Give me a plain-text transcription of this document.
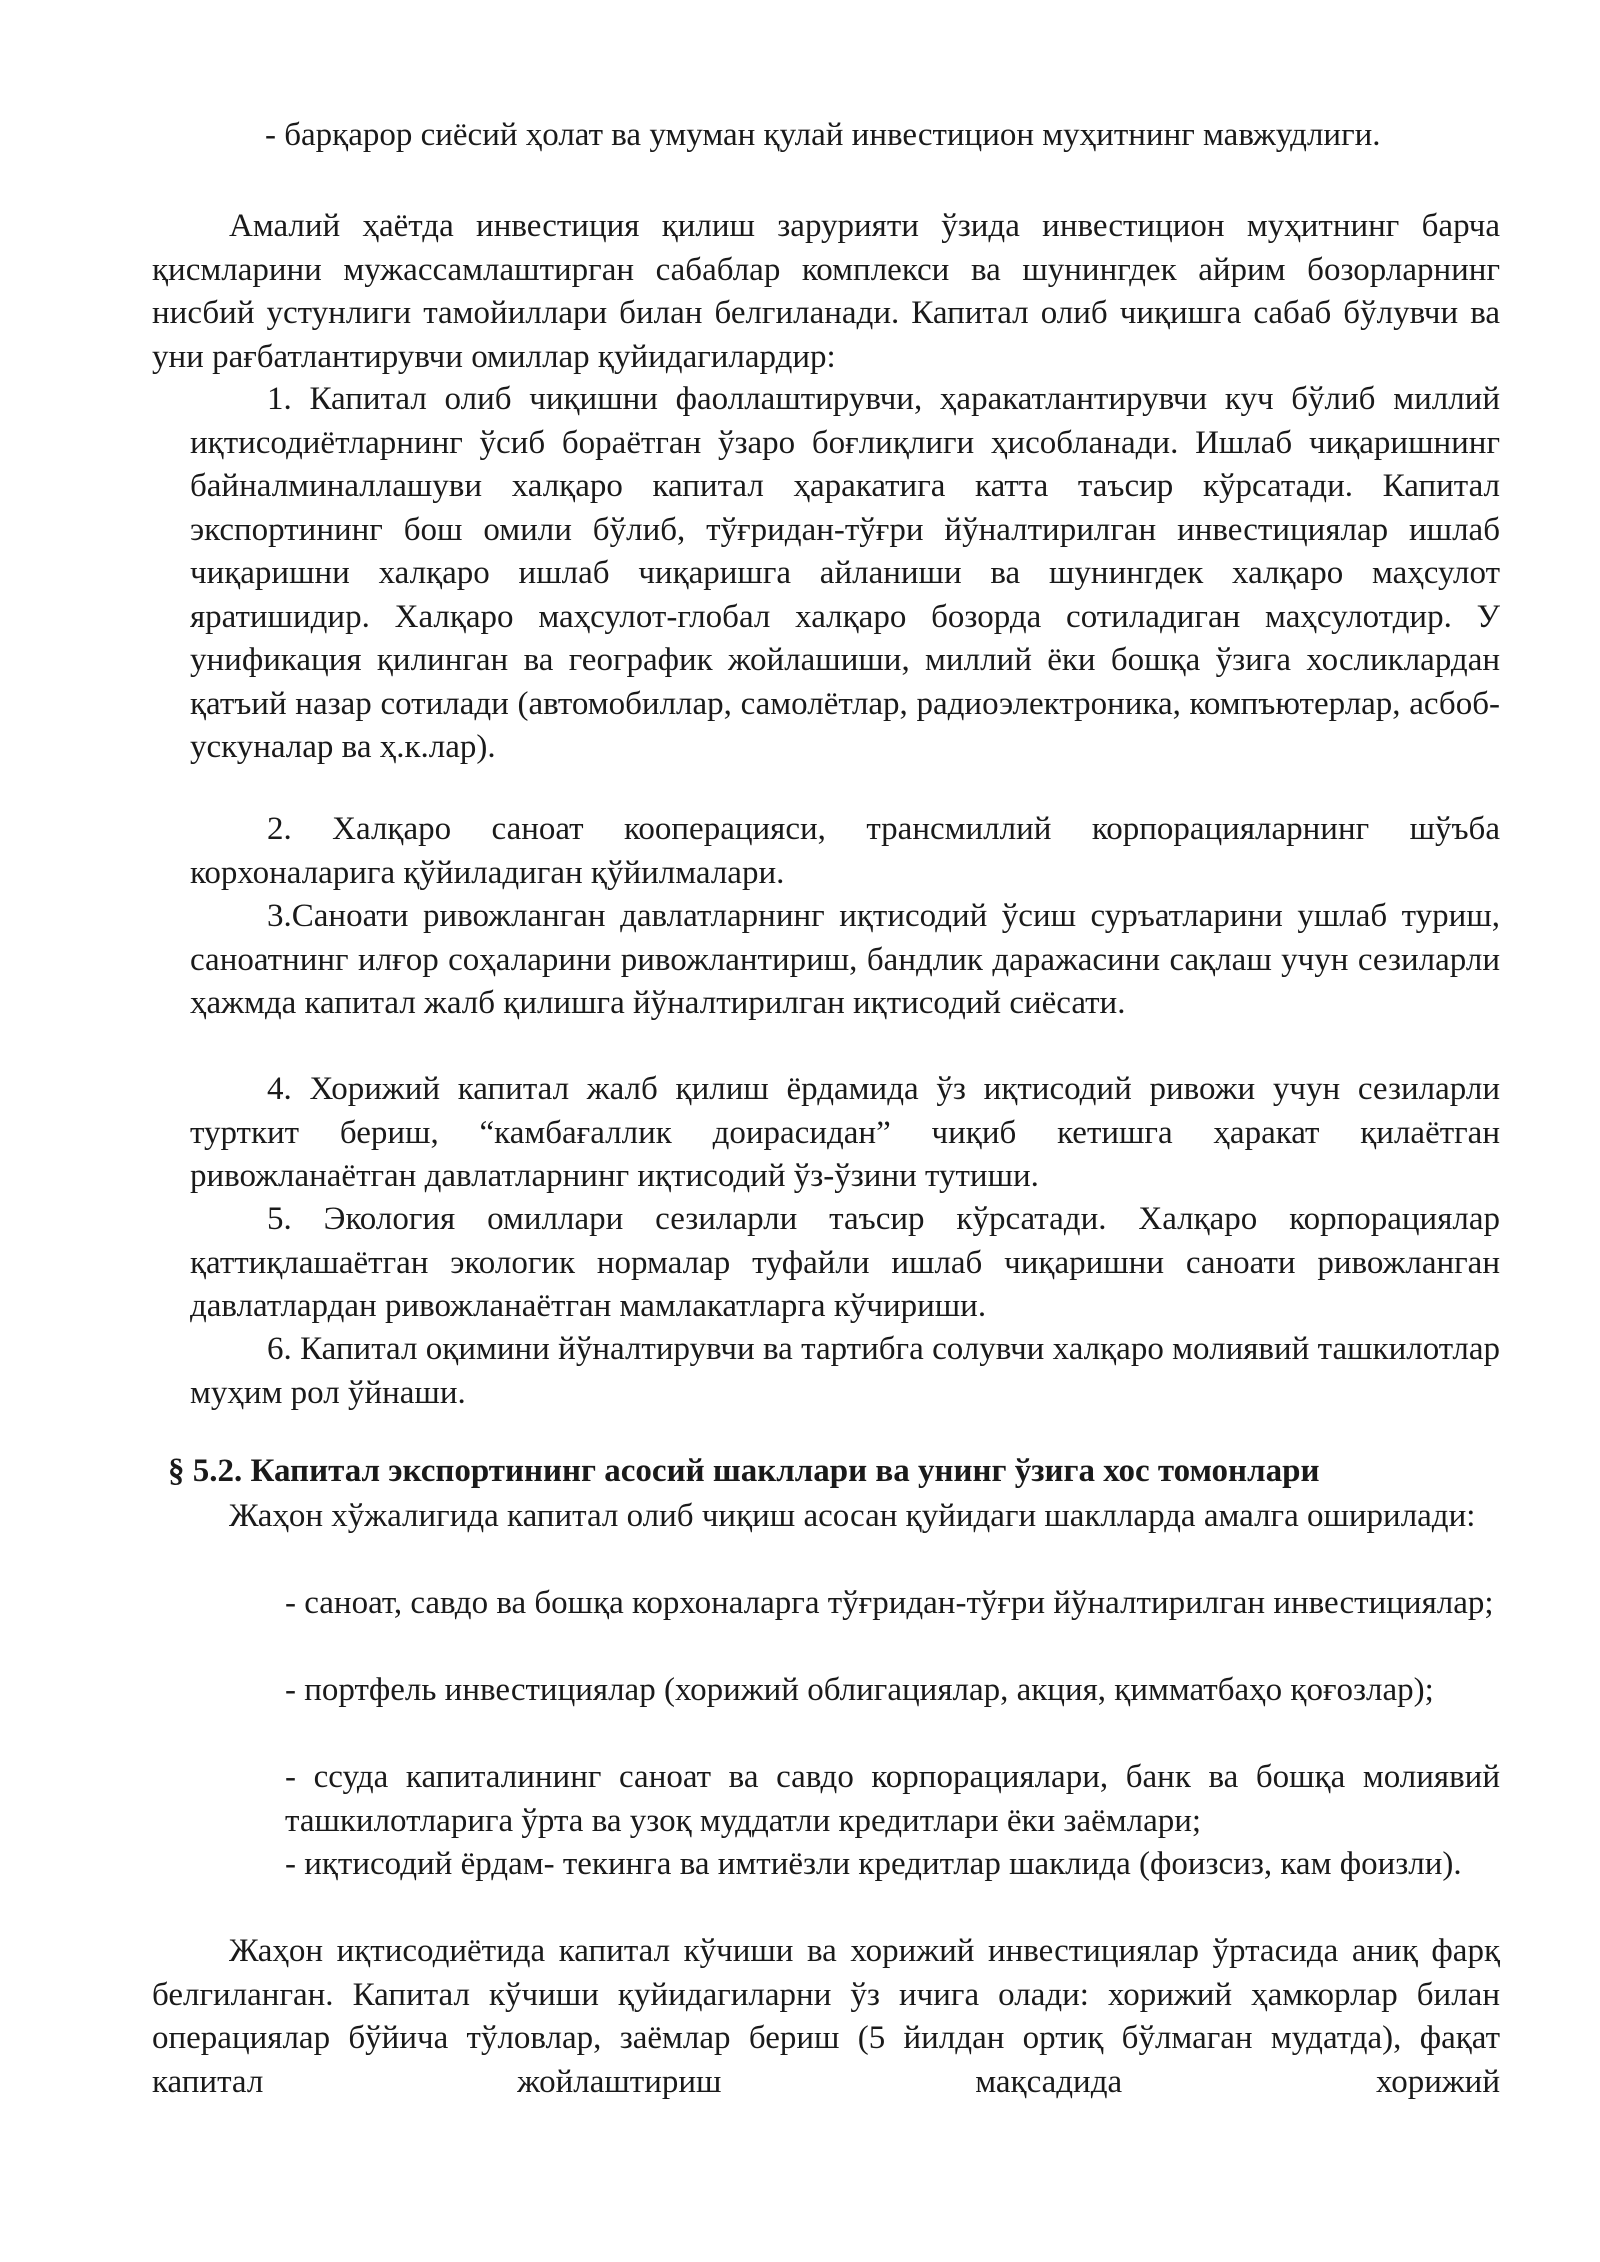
- барқарор сиёсий ҳолат ва умуман қулай инвестицион муҳитнинг мавжудлиги.

Амалий ҳаётда инвестиция қилиш зарурияти ўзида инвестицион муҳитнинг барча қисмларини мужассамлаштирган сабаблар комплекси ва шунингдек айрим бозорларнинг нисбий устунлиги тамойиллари билан белгиланади. Капитал олиб чиқишга сабаб бўлувчи ва уни рағбатлантирувчи омиллар қуйидагилардир:

1. Капитал олиб чиқишни фаоллаштирувчи, ҳаракатлантирувчи куч бўлиб миллий иқтисодиётларнинг ўсиб бораётган ўзаро боғлиқлиги ҳисобланади. Ишлаб чиқаришнинг байналминаллашуви халқаро капитал ҳаракатига катта таъсир кўрсатади. Капитал экспортининг бош омили бўлиб, тўғридан-тўғри йўналтирилган инвестициялар ишлаб чиқаришни халқаро ишлаб чиқаришга айланиши ва шунингдек халқаро маҳсулот яратишидир. Халқаро маҳсулот-глобал халқаро бозорда сотиладиган маҳсулотдир. У унификация қилинган ва географик жойлашиши, миллий ёки бошқа ўзига хосликлардан қатъий назар сотилади (автомобиллар, самолётлар, радиоэлектроника, компъютерлар, асбоб-ускуналар ва ҳ.к.лар).

2. Халқаро саноат кооперацияси, трансмиллий корпорацияларнинг шўъба корхоналарига қўйиладиган қўйилмалари.

3.Саноати ривожланган давлатларнинг иқтисодий ўсиш суръатларини ушлаб туриш, саноатнинг илғор соҳаларини ривожлантириш, бандлик даражасини сақлаш учун сезиларли ҳажмда капитал жалб қилишга йўналтирилган иқтисодий сиёсати.

4. Хорижий капитал жалб қилиш ёрдамида ўз иқтисодий ривожи учун сезиларли турткит бериш, “камбағаллик доирасидан” чиқиб кетишга ҳаракат қилаётган ривожланаётган давлатларнинг иқтисодий ўз-ўзини тутиши.

5. Экология омиллари сезиларли таъсир кўрсатади. Халқаро корпорациялар қаттиқлашаётган экологик нормалар туфайли ишлаб чиқаришни саноати ривожланган давлатлардан ривожланаётган мамлакатларга кўчириши.

6. Капитал оқимини йўналтирувчи ва тартибга солувчи халқаро молиявий ташкилотлар муҳим рол ўйнаши.

§ 5.2. Капитал экспортининг асосий шакллари ва унинг ўзига хос томонлари

Жаҳон хўжалигида капитал олиб чиқиш асосан қуйидаги шаклларда амалга оширилади:

- саноат, савдо ва бошқа корхоналарга тўғридан-тўғри йўналтирилган инвестициялар;

- портфель инвестициялар (хорижий облигациялар, акция, қимматбаҳо қоғозлар);

- ссуда капиталининг саноат ва савдо корпорациялари, банк ва бошқа молиявий ташкилотларига ўрта ва узоқ муддатли кредитлари ёки заёмлари;

- иқтисодий ёрдам- текинга ва имтиёзли кредитлар шаклида (фоизсиз, кам фоизли).

Жаҳон иқтисодиётида капитал кўчиши ва хорижий инвестициялар ўртасида аниқ фарқ белгиланган. Капитал кўчиши қуйидагиларни ўз ичига олади: хорижий ҳамкорлар билан операциялар бўйича тўловлар, заёмлар бериш (5 йилдан ортиқ бўлмаган мудатда), фақат капитал жойлаштириш мақсадида хорижий
